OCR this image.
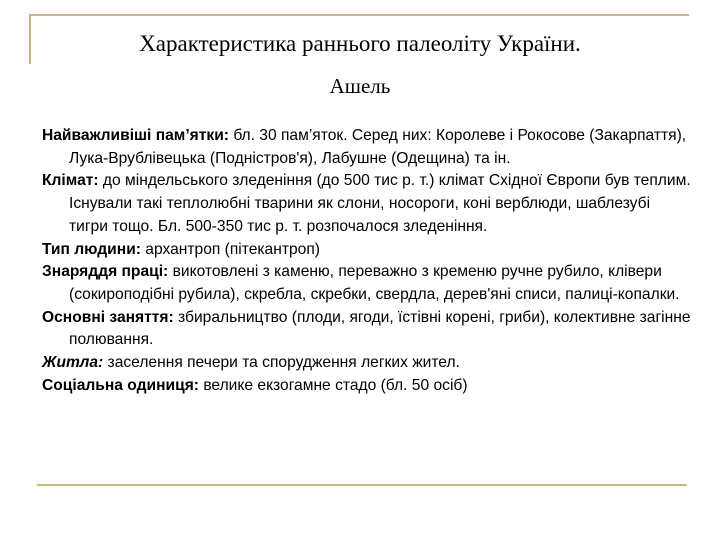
Характеристика раннього палеоліту України.
Ашель

Найважливіші пам’ятки: бл. 30 пам’яток. Серед них: Королеве і Рокосове (Закарпаття), Лука-Врублівецька (Подністров'я), Лабушне (Одещина) та ін.

Клімат: до міндельського зледеніння (до 500 тис р. т.) клімат Східної Європи був теплим. Існували такі теплолюбні тварини як слони, носороги, коні верблюди, шаблезубі тигри тощо. Бл. 500-350 тис р. т. розпочалося зледеніння.

Тип людини: архантроп (пітекантроп)

Знаряддя праці: викотовлені з каменю, переважно з кременю ручне рубило, клівери (сокироподібні рубила), скребла, скребки, свердла, дерев'яні списи, палиці-копалки.

Основні заняття: збиральництво (плоди, ягоди, їстівні корені, гриби), колективне загінне полювання.

Житла: заселення печери та спорудження легких жител.

Соціальна одиниця: велике екзогамне стадо (бл. 50 осіб)
